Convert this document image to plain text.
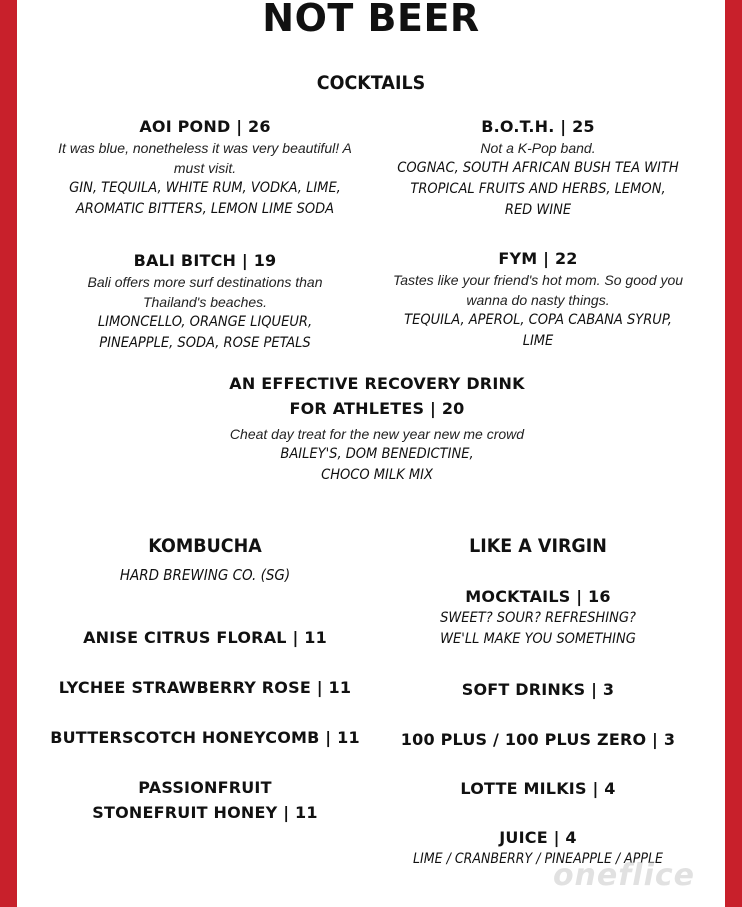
NOT BEER
COCKTAILS
AOI POND | 26
It was blue, nonetheless it was very beautiful! A
must visit.
GIN, TEQUILA, WHITE RUM, VODKA, LIME,
AROMATIC BITTERS, LEMON LIME SODA
B.O.T.H. | 25
Not a K-Pop band.
COGNAC, SOUTH AFRICAN BUSH TEA WITH
TROPICAL FRUITS AND HERBS, LEMON,
RED WINE
BALI BITCH | 19
Bali offers more surf destinations than
Thailand's beaches.
LIMONCELLO, ORANGE LIQUEUR,
PINEAPPLE, SODA, ROSE PETALS
FYM | 22
Tastes like your friend's hot mom. So good you
wanna do nasty things.
TEQUILA, APEROL, COPA CABANA SYRUP,
LIME
AN EFFECTIVE RECOVERY DRINK
FOR ATHLETES | 20
Cheat day treat for the new year new me crowd
BAILEY'S, DOM BENEDICTINE,
CHOCO MILK MIX
KOMBUCHA
HARD BREWING CO. (SG)
ANISE CITRUS FLORAL | 11
LYCHEE STRAWBERRY ROSE | 11
BUTTERSCOTCH HONEYCOMB | 11
PASSIONFRUIT
STONEFRUIT HONEY | 11
LIKE A VIRGIN
MOCKTAILS | 16
SWEET? SOUR? REFRESHING?
WE'LL MAKE YOU SOMETHING
SOFT DRINKS | 3
100 PLUS / 100 PLUS ZERO | 3
LOTTE MILKIS | 4
JUICE | 4
LIME / CRANBERRY / PINEAPPLE / APPLE
oneflice
